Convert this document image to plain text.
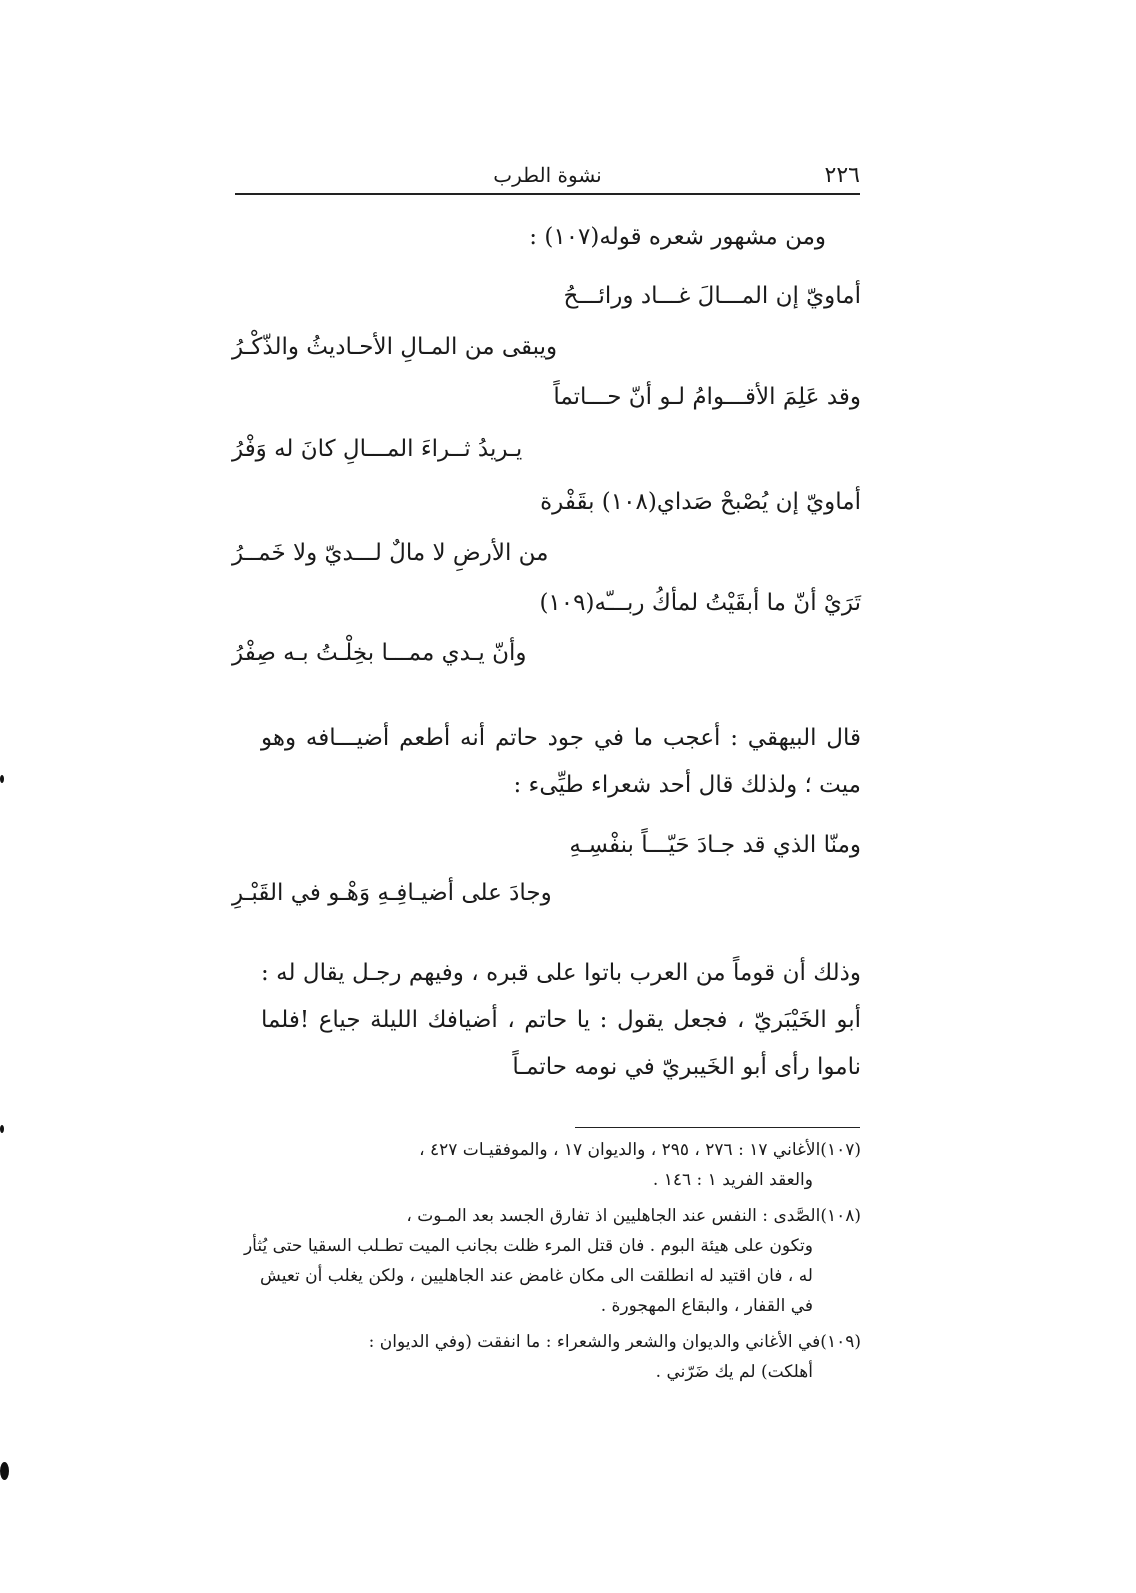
٢٢٦
نشوة الطرب
ومن مشهور شعره قوله(١٠٧) :
أماويّ إن المـــالَ غـــاد ورائـــحُ
ويبقى من المـالِ الأحـاديثُ والذّكْـرُ
وقد عَلِمَ الأقـــوامُ لـو أنّ حـــاتماً
يـريدُ ثــراءَ المـــالِ كانَ له وَفْرُ
أماويّ إن يُصْبحْ صَداي(١٠٨) بقَفْرة
من الأرضِ لا مالٌ لـــديّ ولا خَمــرُ
تَرَيْ أنّ ما أبقَيْتُ لمأكُ ربـــّه(١٠٩)
وأنّ يـدي ممـــا بخِلْـتُ بـه صِفْرُ
قال البيهقي : أعجب ما في جود حاتم أنه أطعم أضيـــافه وهو ميت ؛ ولذلك قال أحد شعراء طيِّىء :
ومنّا الذي قد جـادَ حَيّـــاً بنفْسِـهِ
وجادَ على أضيـافِـهِ وَهْـو في القَبْـرِ
وذلك أن قوماً من العرب باتوا على قبره ، وفيهم رجـل يقال له : أبو الخَيْبَريّ ، فجعل يقول : يا حاتم ، أضيافك الليلة جياع !فلما ناموا رأى أبو الخَيبريّ في نومه حاتمـاً
(١٠٧)الأغاني ١٧ : ٢٧٦ ، ٢٩٥ ، والديوان ١٧ ، والموفقيـات ٤٢٧ ،
والعقد الفريد ١ : ١٤٦ .
(١٠٨)الصَّدى : النفس عند الجاهليين اذ تفارق الجسد بعد المـوت ،
وتكون على هيئة البوم . فان قتل المرء ظلت بجانب الميت تطـلب السقيا حتى يُثأر له ، فان اقتيد له انطلقت الى مكان غامض عند الجاهليين ، ولكن يغلب أن تعيش في القفار ، والبقاع المهجورة .
(١٠٩)في الأغاني والديوان والشعر والشعراء : ما انفقت (وفي الديوان :
أهلكت) لم يك ضَرّني .
